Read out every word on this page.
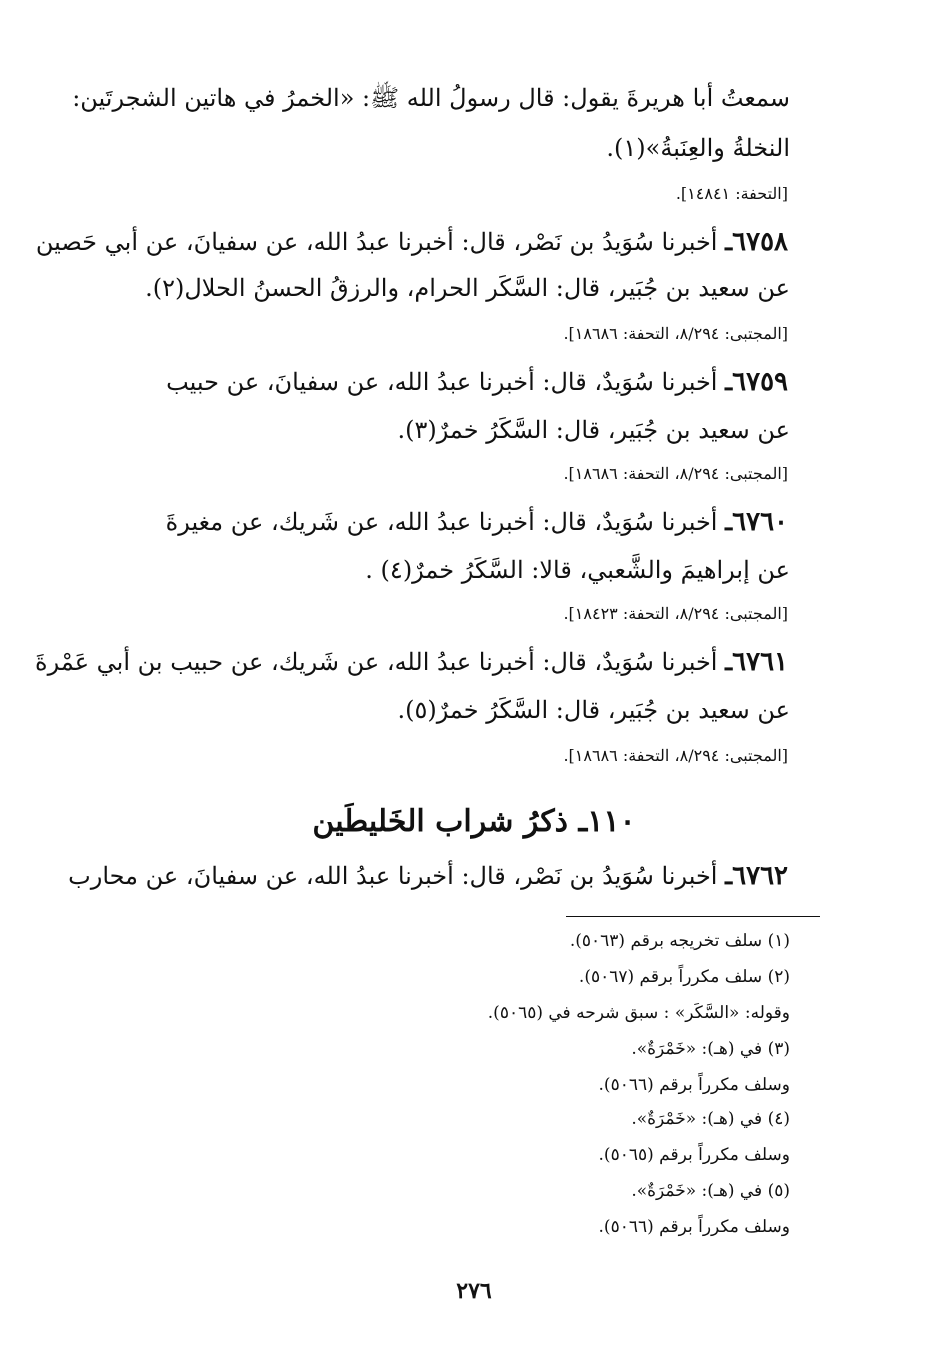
سمعتُ أبا هريرةَ يقول: قال رسولُ الله ﷺ: «الخمرُ في هاتين الشجرتَين:
النخلةُ والعِنَبةُ»(١).
[التحفة: ١٤٨٤١].
٦٧٥٨ـ أخبرنا سُوَيدُ بن نَصْر، قال: أخبرنا عبدُ الله، عن سفيانَ، عن أبي حَصين
عن سعيد بن جُبَير، قال: السَّكَر الحرام، والرزقُ الحسنُ الحلال(٢).
[المجتبى: ٨/٢٩٤، التحفة: ١٨٦٨٦].
٦٧٥٩ـ أخبرنا سُوَيدٌ، قال: أخبرنا عبدُ الله، عن سفيانَ، عن حبيب
عن سعيد بن جُبَير، قال: السَّكَرُ خمرٌ(٣).
[المجتبى: ٨/٢٩٤، التحفة: ١٨٦٨٦].
٦٧٦٠ـ أخبرنا سُوَيدٌ، قال: أخبرنا عبدُ الله، عن شَريك، عن مغيرةَ
عن إبراهيمَ والشَّعبي، قالا: السَّكَرُ خمرٌ(٤) .
[المجتبى: ٨/٢٩٤، التحفة: ١٨٤٢٣].
٦٧٦١ـ أخبرنا سُوَيدٌ، قال: أخبرنا عبدُ الله، عن شَريك، عن حبيب بن أبي عَمْرةَ
عن سعيد بن جُبَير، قال: السَّكَرُ خمرٌ(٥).
[المجتبى: ٨/٢٩٤، التحفة: ١٨٦٨٦].
١١٠ـ ذكرُ شراب الخَليطَين
٦٧٦٢ـ أخبرنا سُوَيدُ بن نَصْر، قال: أخبرنا عبدُ الله، عن سفيانَ، عن محارب
(١) سلف تخريجه برقم (٥٠٦٣).
(٢) سلف مكرراً برقم (٥٠٦٧).
وقوله: «السَّكَر» : سبق شرحه في (٥٠٦٥).
(٣) في (هـ): «خَمْرَةٌ».
وسلف مكرراً برقم (٥٠٦٦).
(٤) في (هـ): «خَمْرَةٌ».
وسلف مكرراً برقم (٥٠٦٥).
(٥) في (هـ): «خَمْرَةٌ».
وسلف مكرراً برقم (٥٠٦٦).
٢٧٦
